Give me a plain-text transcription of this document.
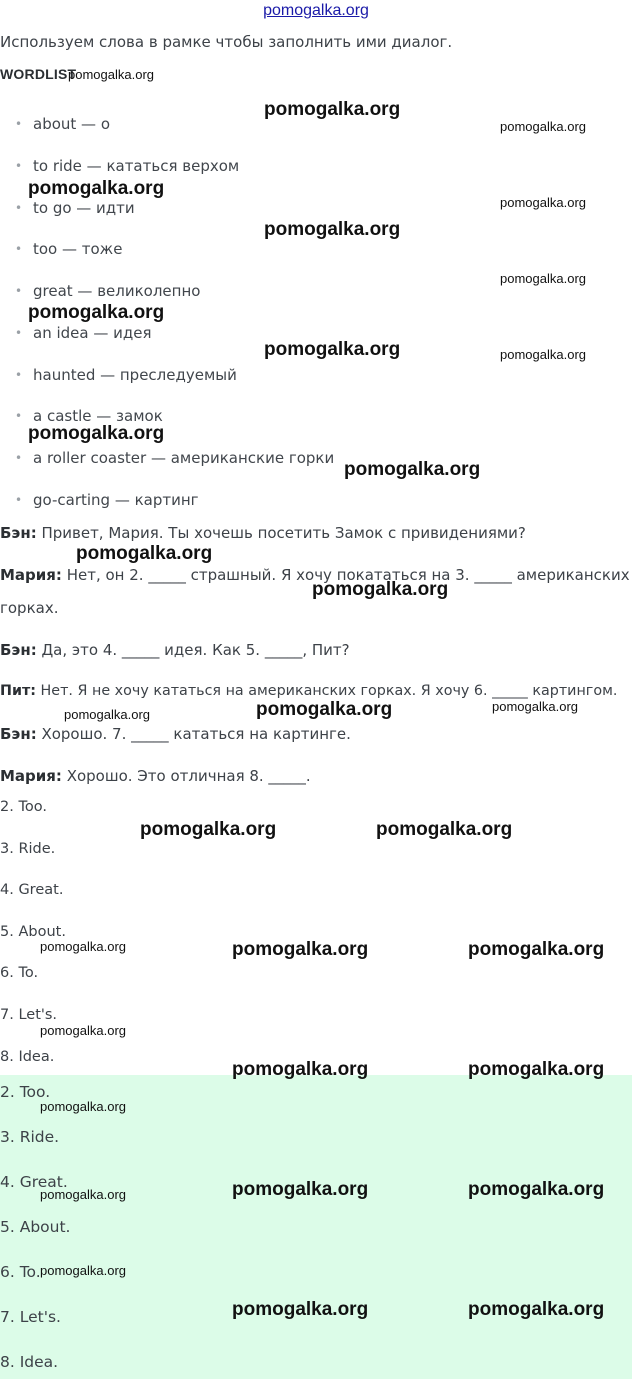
pomogalka.org
Используем слова в рамке чтобы заполнить ими диалог.
WORDLIST
• about — о
• to ride — кататься верхом
• to go — идти
• too — тоже
• great — великолепно
• an idea — идея
• haunted — преследуемый
• a castle — замок
• a roller coaster — американские горки
• go-carting — картинг
Бэн: Привет, Мария. Ты хочешь посетить Замок с привидениями?
Мария: Нет, он 2. _____ страшный. Я хочу покататься на 3. _____ американских
горках.
Бэн: Да, это 4. _____ идея. Как 5. _____, Пит?
Пит: Нет. Я не хочу кататься на американских горках. Я хочу 6. _____ картингом.
Бэн: Хорошо. 7. _____ кататься на картинге.
Мария: Хорошо. Это отличная 8. _____.
2. Too.
3. Ride.
4. Great.
5. About.
6. To.
7. Let's.
8. Idea.
2. Too.
3. Ride.
4. Great.
5. About.
6. To.
7. Let's.
8. Idea.
pomogalka.org
pomogalka.org
pomogalka.org
pomogalka.org
pomogalka.org
pomogalka.org
pomogalka.org
pomogalka.org
pomogalka.org	pomogalka.org
pomogalka.org
pomogalka.org
pomogalka.org
pomogalka.org
pomogalka.org	pomogalka.org	pomogalka.org
pomogalka.org	pomogalka.org
pomogalka.org	pomogalka.org	pomogalka.org
pomogalka.org
pomogalka.org	pomogalka.org
pomogalka.org
pomogalka.org	pomogalka.org	pomogalka.org
pomogalka.org
pomogalka.org	pomogalka.org
